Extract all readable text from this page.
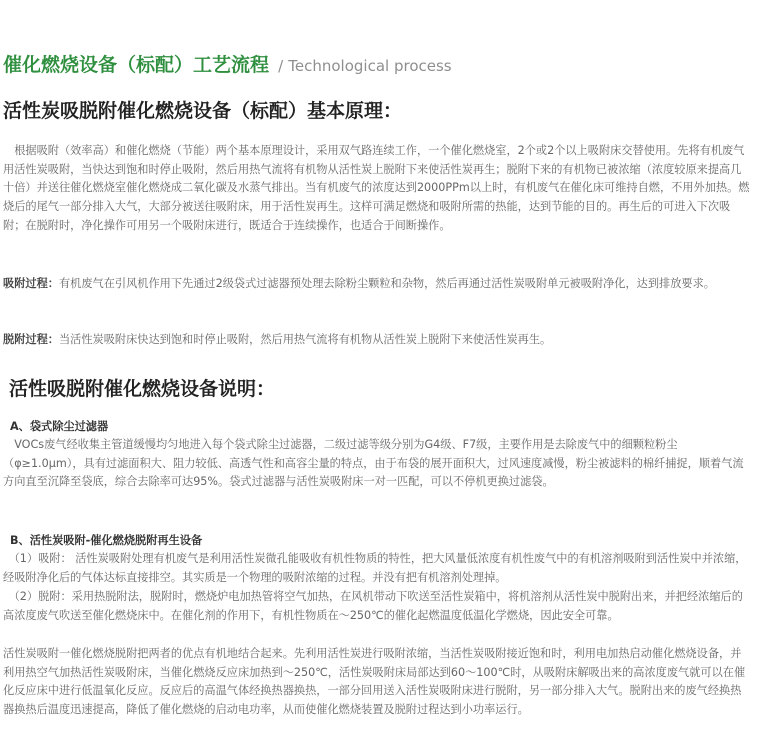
催化燃烧设备（标配）工艺流程 / Technological process
活性炭吸脱附催化燃烧设备（标配）基本原理：
　根据吸附（效率高）和催化燃烧（节能）两个基本原理设计，采用双气路连续工作，一个催化燃烧室，2个或2个以上吸附床交替使用。先将有机废气用活性炭吸附，当快达到饱和时停止吸附，然后用热气流将有机物从活性炭上脱附下来使活性炭再生；脱附下来的有机物已被浓缩（浓度较原来提高几十倍）并送往催化燃烧室催化燃烧成二氧化碳及水蒸气排出。当有机废气的浓度达到2000PPm以上时，有机废气在催化床可维持自燃，不用外加热。燃烧后的尾气一部分排入大气，大部分被送往吸附床，用于活性炭再生。这样可满足燃烧和吸附所需的热能，达到节能的目的。再生后的可进入下次吸附；在脱附时，净化操作可用另一个吸附床进行，既适合于连续操作，也适合于间断操作。
吸附过程：有机废气在引风机作用下先通过2级袋式过滤器预处理去除粉尘颗粒和杂物，然后再通过活性炭吸附单元被吸附净化，达到排放要求。
脱附过程：当活性炭吸附床快达到饱和时停止吸附，然后用热气流将有机物从活性炭上脱附下来使活性炭再生。
活性吸脱附催化燃烧设备说明：
A、袋式除尘过滤器
　VOCs废气经收集主管道缓慢均匀地进入每个袋式除尘过滤器，二级过滤等级分别为G4级、F7级，主要作用是去除废气中的细颗粒粉尘（φ≥1.0μm），具有过滤面积大、阻力较低、高透气性和高容尘量的特点，由于布袋的展开面积大，过风速度减慢，粉尘被滤料的棉纤捕捉，顺着气流方向直至沉降至袋底，综合去除率可达95%。袋式过滤器与活性炭吸附床一对一匹配，可以不停机更换过滤袋。
B、活性炭吸附-催化燃烧脱附再生设备
　（1）吸附： 活性炭吸附处理有机废气是利用活性炭微孔能吸收有机性物质的特性，把大风量低浓度有机性废气中的有机溶剂吸附到活性炭中并浓缩，经吸附净化后的气体达标直接排空。其实质是一个物理的吸附浓缩的过程。并没有把有机溶剂处理掉。
　（2）脱附：采用热脱附法，脱附时，燃烧炉电加热管将空气加热，在风机带动下吹送至活性炭箱中，将机溶剂从活性炭中脱附出来，并把经浓缩后的高浓度废气吹送至催化燃烧床中。在催化剂的作用下，有机性物质在～250℃的催化起燃温度低温化学燃烧，因此安全可靠。
活性炭吸附一催化燃烧脱附把两者的优点有机地结合起来。先利用活性炭进行吸附浓缩，当活性炭吸附接近饱和时，利用电加热启动催化燃烧设备，并利用热空气加热活性炭吸附床，当催化燃烧反应床加热到～250℃，活性炭吸附床局部达到60～100℃时，从吸附床解吸出来的高浓度废气就可以在催化反应床中进行低温氧化反应。反应后的高温气体经换热器换热，一部分回用送入活性炭吸附床进行脱附，另一部分排入大气。脱附出来的废气经换热器换热后温度迅速提高，降低了催化燃烧的启动电功率，从而使催化燃烧装置及脱附过程达到小功率运行。
